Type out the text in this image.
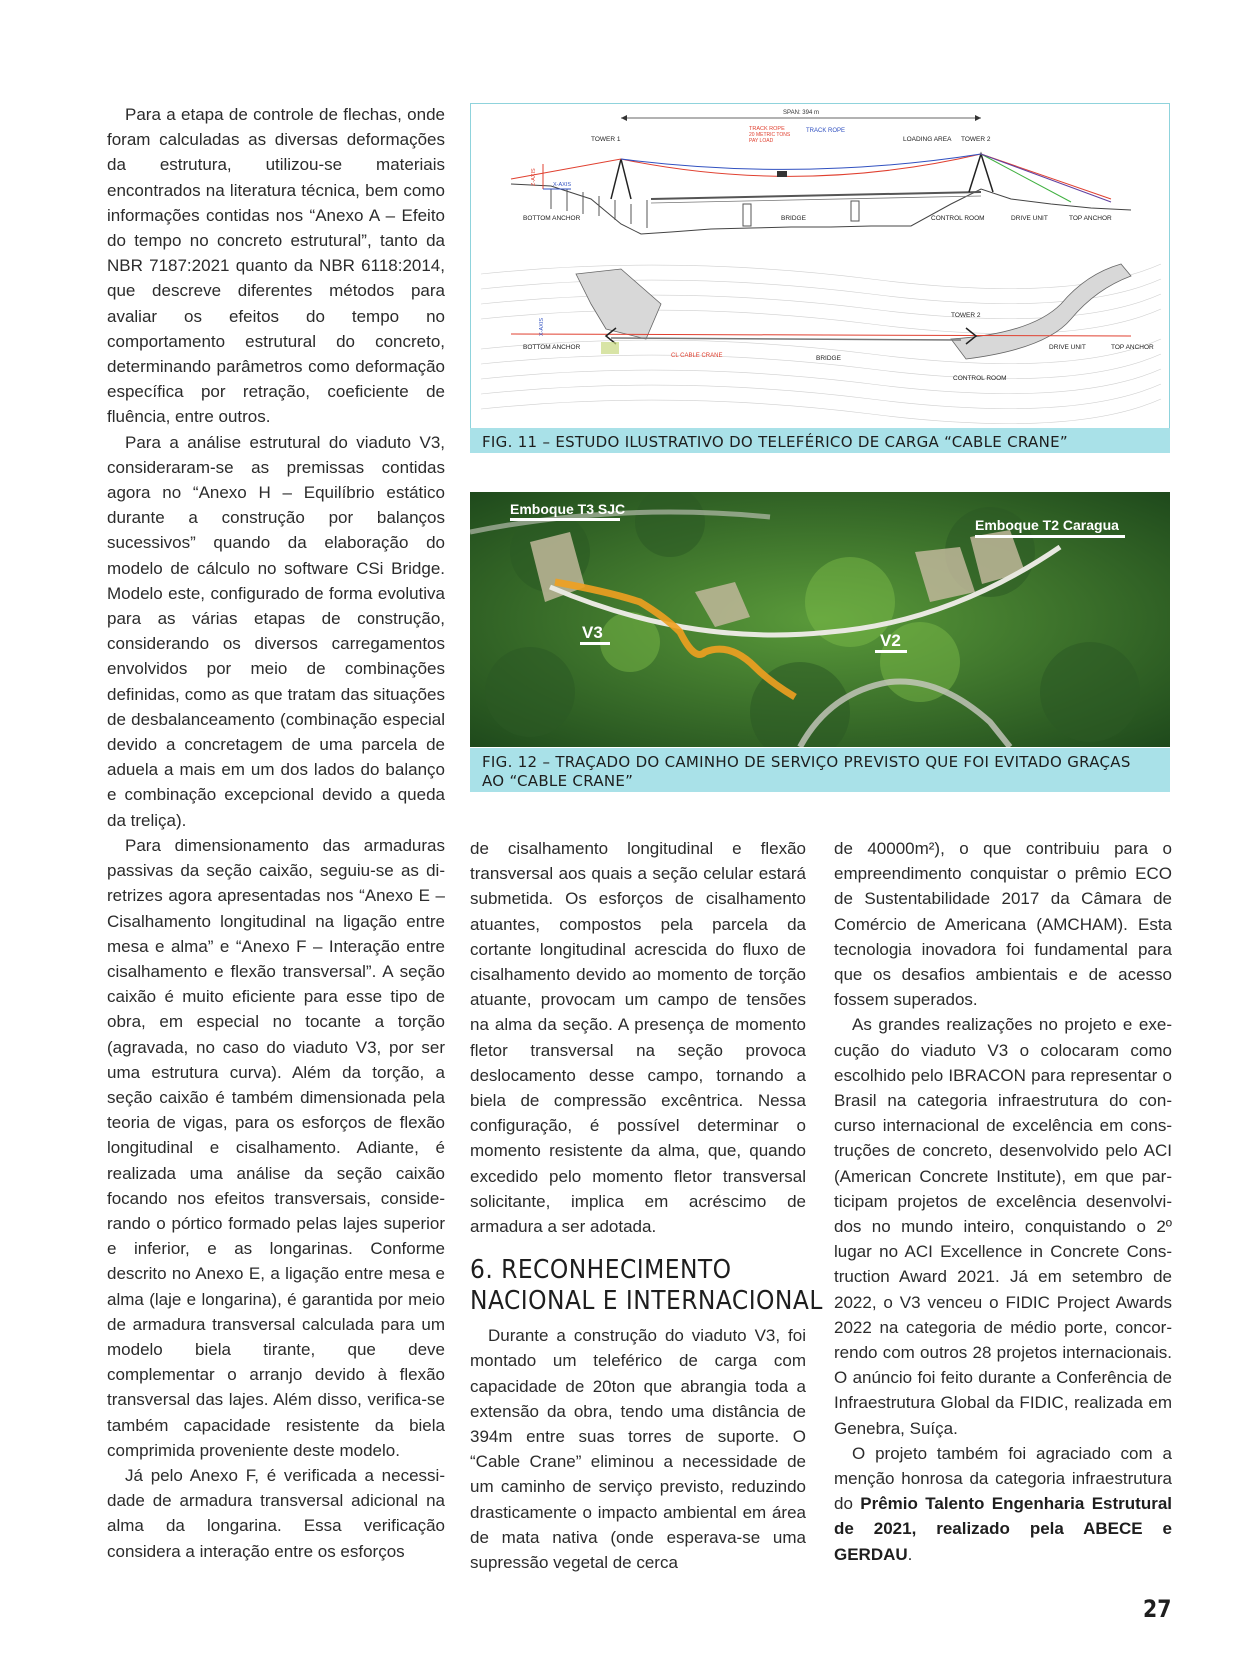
Para a etapa de controle de flechas, onde foram calculadas as diversas deformações da estrutura, utilizou-se materiais encontrados na literatura técnica, bem como informações contidas nos “Anexo A – Efeito do tempo no concreto estrutural”, tanto da NBR 7187:2021 quanto da NBR 6118:2014, que descreve diferentes métodos para avaliar os efeitos do tempo no comportamento estrutural do concreto, determinando parâmetros como deformação específica por retração, coeficiente de fluência, entre outros.

Para a análise estrutural do viaduto V3, consideraram-se as premissas contidas agora no “Anexo H – Equilíbrio estático durante a construção por balanços sucessivos” quando da elaboração do modelo de cálculo no software CSi Bridge. Modelo este, configurado de forma evolutiva para as várias etapas de construção, considerando os diversos carregamentos envolvidos por meio de combinações definidas, como as que tratam das situações de desbalanceamento (combinação especial devido a concretagem de uma parcela de aduela a mais em um dos lados do balanço e combinação excepcional devido a queda da treliça).

Para dimensionamento das armaduras passivas da seção caixão, seguiu-se as diretrizes agora apresentadas nos “Anexo E – Cisalhamento longitudinal na ligação entre mesa e alma” e “Anexo F – Interação entre cisalhamento e flexão transversal”. A seção caixão é muito eficiente para esse tipo de obra, em especial no tocante a torção (agravada, no caso do viaduto V3, por ser uma estrutura curva). Além da torção, a seção caixão é também dimensionada pela teoria de vigas, para os esforços de flexão longitudinal e cisalhamento. Adiante, é realizada uma análise da seção caixão focando nos efeitos transversais, considerando o pórtico formado pelas lajes superior e inferior, e as longarinas. Conforme descrito no Anexo E, a ligação entre mesa e alma (laje e longarina), é garantida por meio de armadura transversal calculada para um modelo biela tirante, que deve complementar o arranjo devido à flexão transversal das lajes. Além disso, verifica-se também capacidade resistente da biela comprimida proveniente deste modelo.

Já pelo Anexo F, é verificada a necessidade de armadura transversal adicional na alma da longarina. Essa verificação considera a interação entre os esforços

SPAN: 394 m
TOWER 1	TOWER 2
TRACK ROPE
20 METRIC TONS
PAY LOAD
TRACK ROPE
LOADING AREA
Z-AXIS	X-AXIS
BOTTOM ANCHOR	BRIDGE	CONTROL ROOM	DRIVE UNIT	TOP ANCHOR
TOWER 2
X-AXIS
BOTTOM ANCHOR
CL CABLE CRANE	BRIDGE
DRIVE UNIT	TOP ANCHOR
CONTROL ROOM
FIG. 11 – ESTUDO ILUSTRATIVO DO TELEFÉRICO DE CARGA “CABLE CRANE”
Emboque T3 SJC
Emboque T2 Caragua
V3	V2
FIG. 12 – TRAÇADO DO CAMINHO DE SERVIÇO PREVISTO QUE FOI EVITADO GRAÇAS AO “CABLE CRANE”

de cisalhamento longitudinal e flexão transversal aos quais a seção celular estará submetida. Os esforços de cisalhamento atuantes, compostos pela parcela da cortante longitudinal acrescida do fluxo de cisalhamento devido ao momento de torção atuante, provocam um campo de tensões na alma da seção. A presença de momento fletor transversal na seção provoca deslocamento desse campo, tornando a biela de compressão excêntrica. Nessa configuração, é possível determinar o momento resistente da alma, que, quando excedido pelo momento fletor transversal solicitante, implica em acréscimo de armadura a ser adotada.

6. RECONHECIMENTO
NACIONAL E INTERNACIONAL

Durante a construção do viaduto V3, foi montado um teleférico de carga com capacidade de 20ton que abrangia toda a extensão da obra, tendo uma distância de 394m entre suas torres de suporte. O “Cable Crane” eliminou a necessidade de um caminho de serviço previsto, reduzindo drasticamente o impacto ambiental em área de mata nativa (onde esperava-se uma supressão vegetal de cerca

de 40000m²), o que contribuiu para o empreendimento conquistar o prêmio ECO de Sustentabilidade 2017 da Câmara de Comércio de Americana (AMCHAM). Esta tecnologia inovadora foi fundamental para que os desafios ambientais e de acesso fossem superados.

As grandes realizações no projeto e execução do viaduto V3 o colocaram como escolhido pelo IBRACON para representar o Brasil na categoria infraestrutura do concurso internacional de excelência em construções de concreto, desenvolvido pelo ACI (American Concrete Institute), em que participam projetos de excelência desenvolvidos no mundo inteiro, conquistando o 2º lugar no ACI Excellence in Concrete Construction Award 2021. Já em setembro de 2022, o V3 venceu o FIDIC Project Awards 2022 na categoria de médio porte, concorrendo com outros 28 projetos internacionais. O anúncio foi feito durante a Conferência de Infraestrutura Global da FIDIC, realizada em Genebra, Suíça.

O projeto também foi agraciado com a menção honrosa da categoria infraestrutura do Prêmio Talento Engenharia Estrutural de 2021, realizado pela ABECE e GERDAU.

27
